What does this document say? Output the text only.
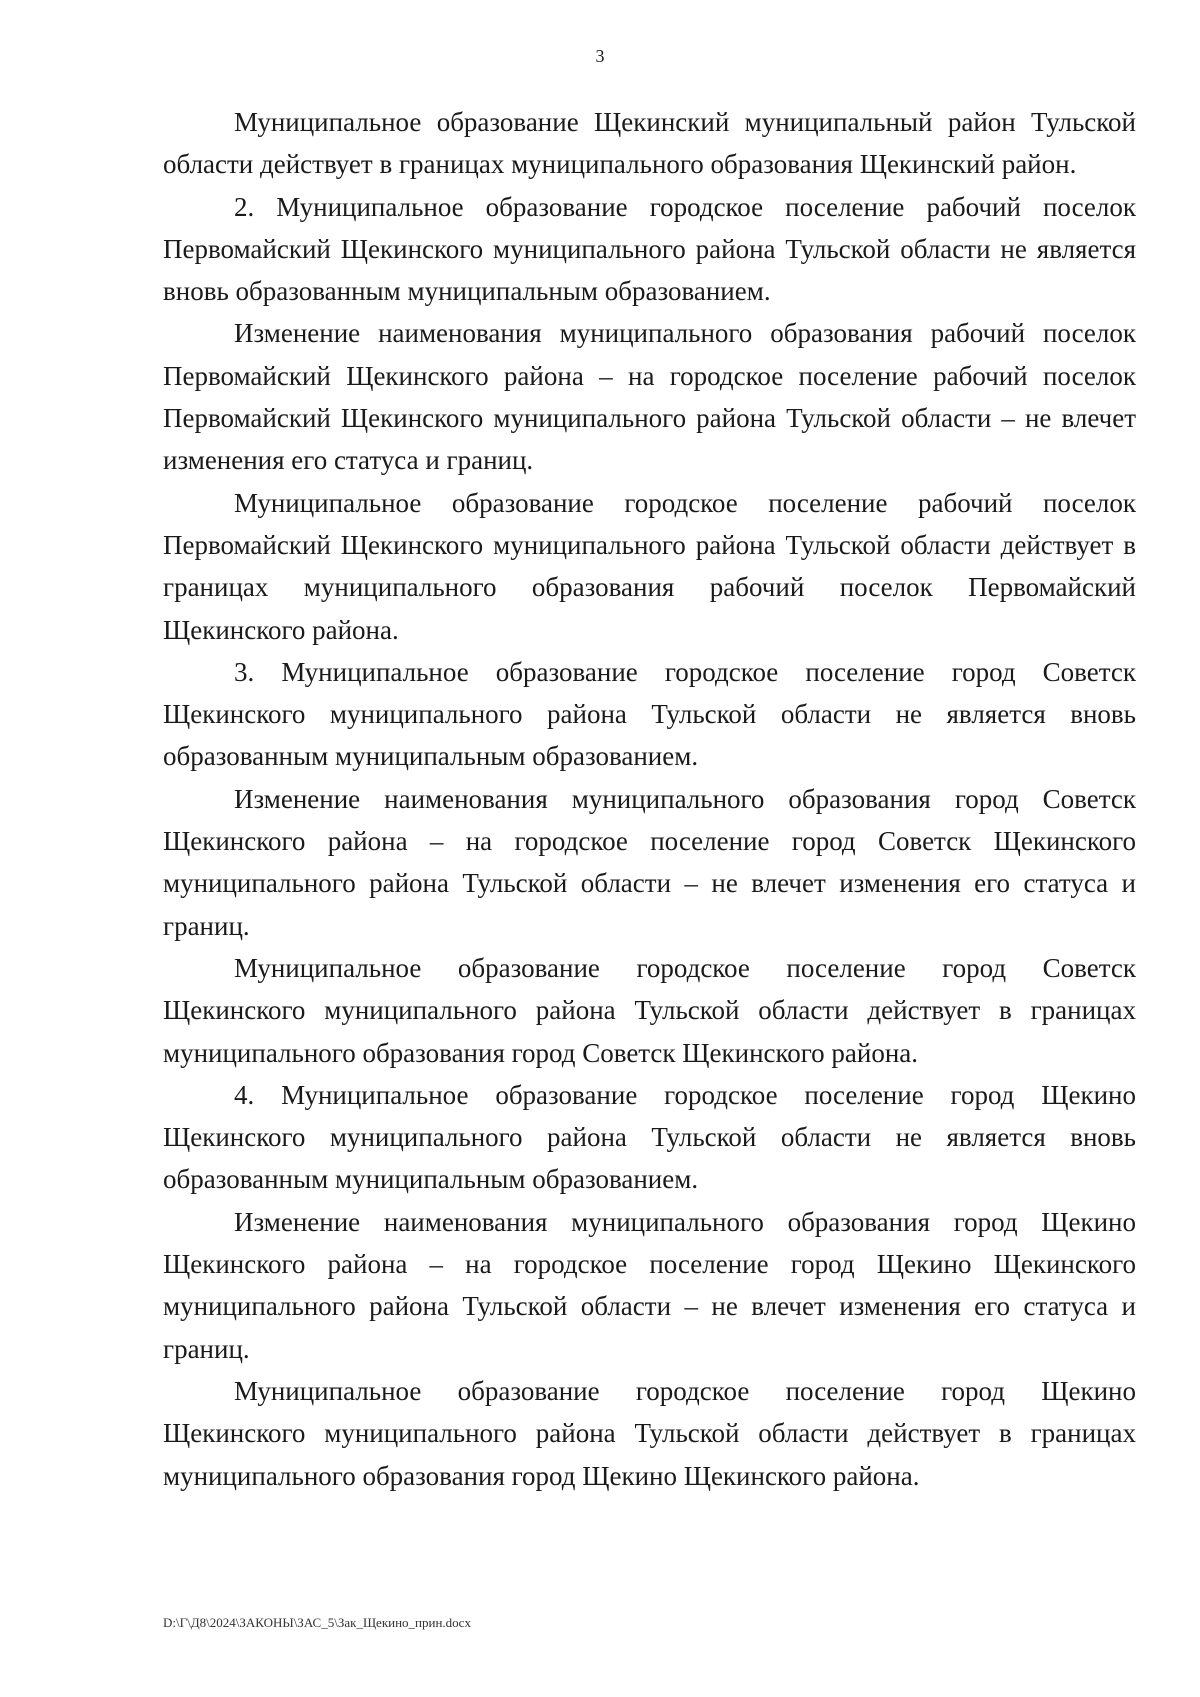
3

Муниципальное образование Щекинский муниципальный район Тульской области действует в границах муниципального образования Щекинский район.

2. Муниципальное образование городское поселение рабочий поселок Первомайский Щекинского муниципального района Тульской области не является вновь образованным муниципальным образованием.

Изменение наименования муниципального образования рабочий поселок Первомайский Щекинского района – на городское поселение рабочий поселок Первомайский Щекинского муниципального района Тульской области – не влечет изменения его статуса и границ.

Муниципальное образование городское поселение рабочий поселок Первомайский Щекинского муниципального района Тульской области действует в границах муниципального образования рабочий поселок Первомайский Щекинского района.

3. Муниципальное образование городское поселение город Советск Щекинского муниципального района Тульской области не является вновь образованным муниципальным образованием.

Изменение наименования муниципального образования город Советск Щекинского района – на городское поселение город Советск Щекинского муниципального района Тульской области – не влечет изменения его статуса и границ.

Муниципальное образование городское поселение город Советск Щекинского муниципального района Тульской области действует в границах муниципального образования город Советск Щекинского района.

4. Муниципальное образование городское поселение город Щекино Щекинского муниципального района Тульской области не является вновь образованным муниципальным образованием.

Изменение наименования муниципального образования город Щекино Щекинского района – на городское поселение город Щекино Щекинского муниципального района Тульской области – не влечет изменения его статуса и границ.

Муниципальное образование городское поселение город Щекино Щекинского муниципального района Тульской области действует в границах муниципального образования город Щекино Щекинского района.

D:\Г\Д8\2024\ЗАКОНЫ\ЗАС_5\Зак_Щекино_прин.docx
